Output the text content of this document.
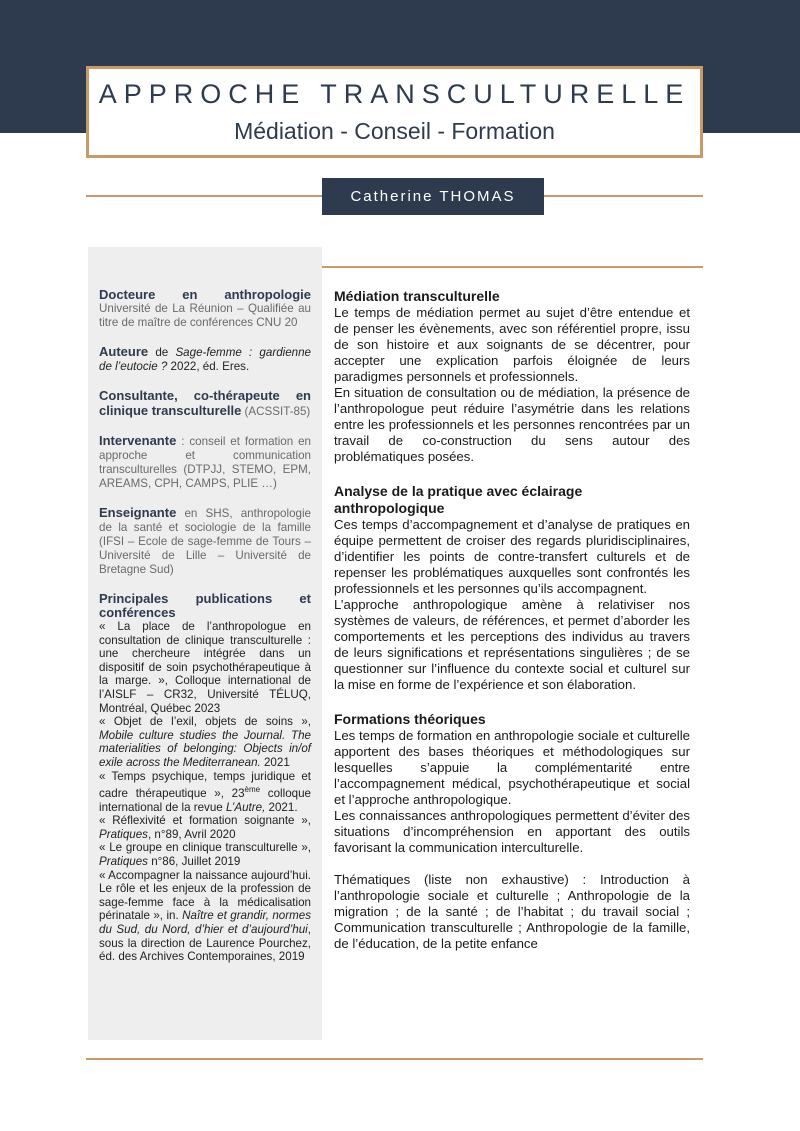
APPROCHE TRANSCULTURELLE
Médiation - Conseil - Formation
Catherine THOMAS
Docteure en anthropologie
Université de La Réunion – Qualifiée au titre de maître de conférences CNU 20
Auteure de Sage-femme : gardienne de l’eutocie ? 2022, éd. Eres.
Consultante, co-thérapeute en clinique transculturelle (ACSSIT-85)
Intervenante : conseil et formation en approche et communication transculturelles (DTPJJ, STEMO, EPM, AREAMS, CPH, CAMPS, PLIE …)
Enseignante en SHS, anthropologie de la santé et sociologie de la famille (IFSI – Ecole de sage-femme de Tours – Université de Lille – Université de Bretagne Sud)
Principales publications et conférences
« La place de l’anthropologue en consultation de clinique transculturelle : une chercheure intégrée dans un dispositif de soin psychothérapeutique à la marge. », Colloque international de l’AISLF – CR32, Université TÉLUQ, Montréal, Québec 2023
« Objet de l’exil, objets de soins », Mobile culture studies the Journal. The materialities of belonging: Objects in/of exile across the Mediterranean. 2021
« Temps psychique, temps juridique et cadre thérapeutique », 23ème colloque international de la revue L’Autre, 2021.
« Réflexivité et formation soignante », Pratiques, n°89, Avril 2020
« Le groupe en clinique transculturelle », Pratiques n°86, Juillet 2019
« Accompagner la naissance aujourd’hui. Le rôle et les enjeux de la profession de sage-femme face à la médicalisation périnatale », in. Naître et grandir, normes du Sud, du Nord, d’hier et d’aujourd’hui, sous la direction de Laurence Pourchez, éd. des Archives Contemporaines, 2019
Médiation transculturelle
Le temps de médiation permet au sujet d’être entendue et de penser les évènements, avec son référentiel propre, issu de son histoire et aux soignants de se décentrer, pour accepter une explication parfois éloignée de leurs paradigmes personnels et professionnels.
En situation de consultation ou de médiation, la présence de l’anthropologue peut réduire l’asymétrie dans les relations entre les professionnels et les personnes rencontrées par un travail de co-construction du sens autour des problématiques posées.
Analyse de la pratique avec éclairage anthropologique
Ces temps d’accompagnement et d’analyse de pratiques en équipe permettent de croiser des regards pluridisciplinaires, d’identifier les points de contre-transfert culturels et de repenser les problématiques auxquelles sont confrontés les professionnels et les personnes qu’ils accompagnent.
L’approche anthropologique amène à relativiser nos systèmes de valeurs, de références, et permet d’aborder les comportements et les perceptions des individus au travers de leurs significations et représentations singulières ; de se questionner sur l’influence du contexte social et culturel sur la mise en forme de l’expérience et son élaboration.
Formations théoriques
Les temps de formation en anthropologie sociale et culturelle apportent des bases théoriques et méthodologiques sur lesquelles s’appuie la complémentarité entre l’accompagnement médical, psychothérapeutique et social et l’approche anthropologique.
Les connaissances anthropologiques permettent d’éviter des situations d’incompréhension en apportant des outils favorisant la communication interculturelle.
Thématiques (liste non exhaustive) : Introduction à l’anthropologie sociale et culturelle ; Anthropologie de la migration ; de la santé ; de l’habitat ; du travail social ; Communication transculturelle ; Anthropologie de la famille, de l’éducation, de la petite enfance
